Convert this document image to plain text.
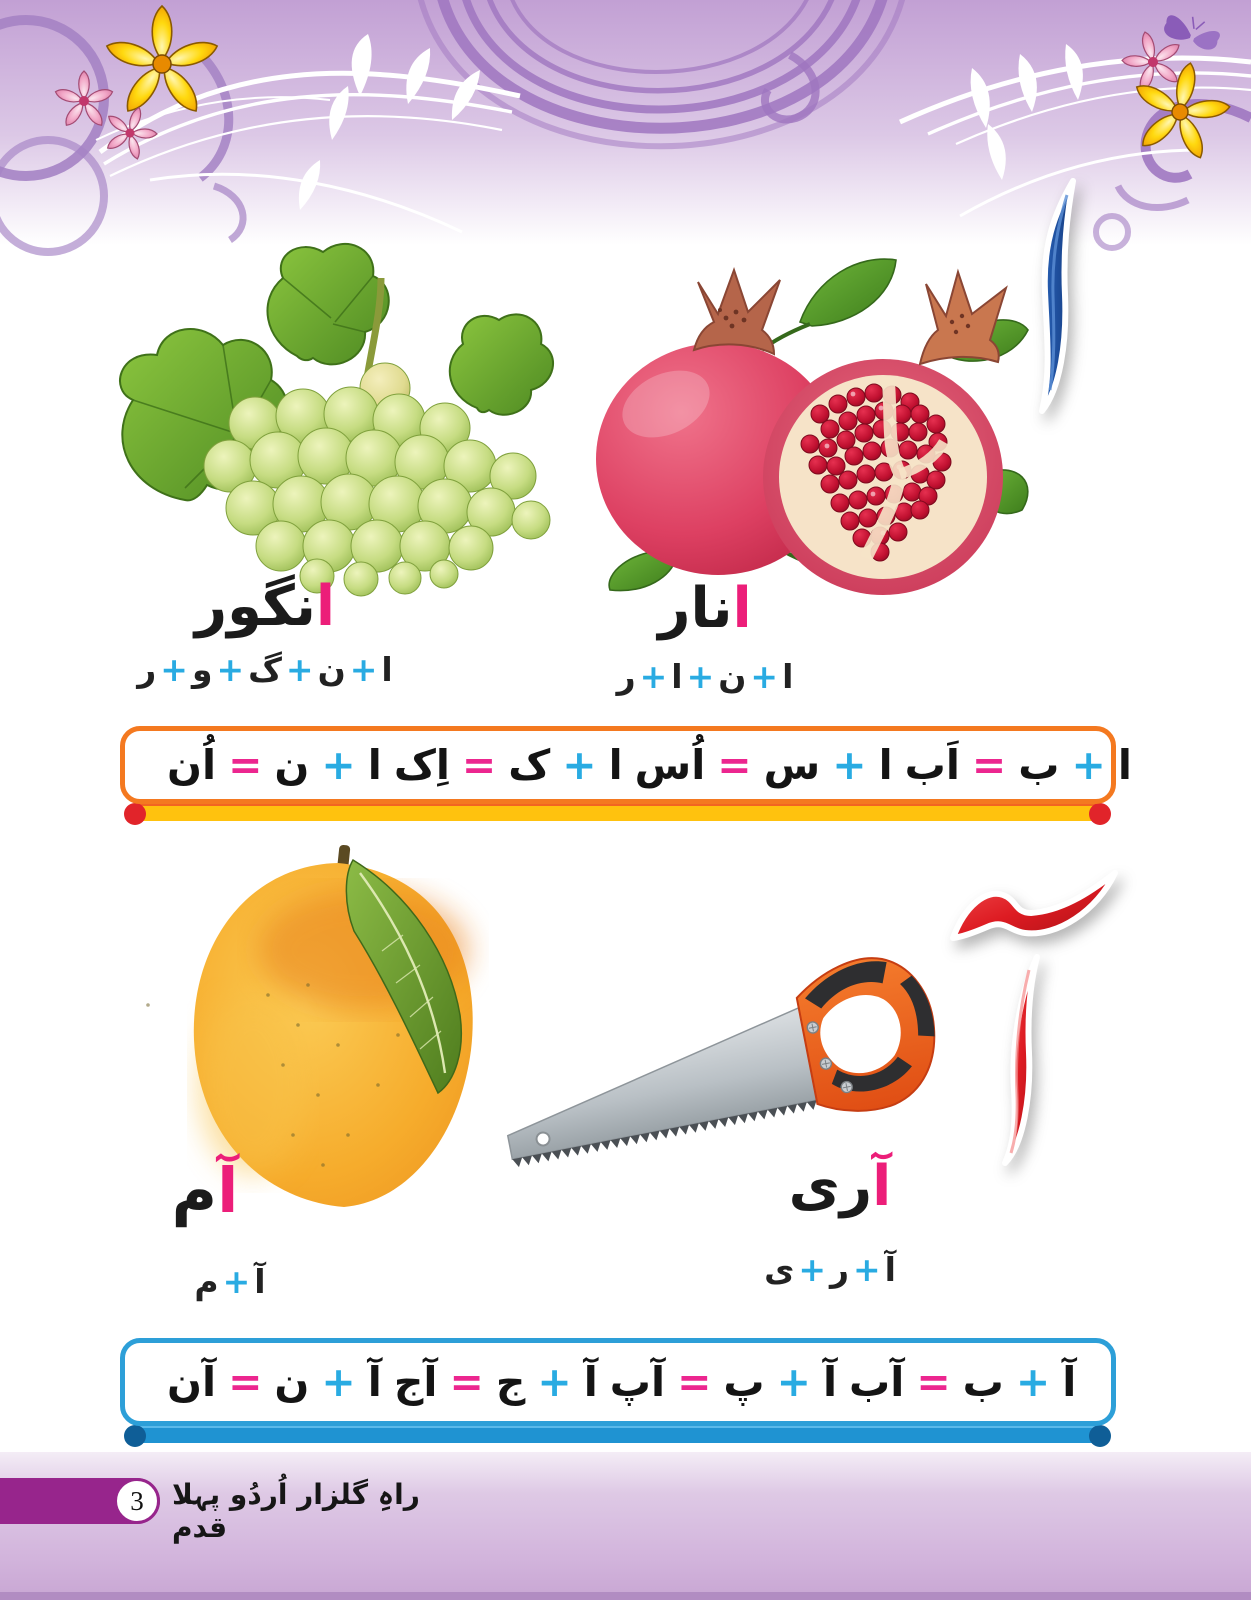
انگور
ا+ن+گ+و+ر
انار
ا+ن+ا+ر
ا
+
ب
=
اَب
ا
+
س
=
اُس
ا
+
ک
=
اِک
ا
+
ن
=
اُن
آم
آ+م
آری
آ+ر+ی
آ
+
ب
=
آب
آ
+
پ
=
آپ
آ
+
ج
=
آج
آ
+
ن
=
آن
3 راہِ گلزار اُردُو پہلا قدم
